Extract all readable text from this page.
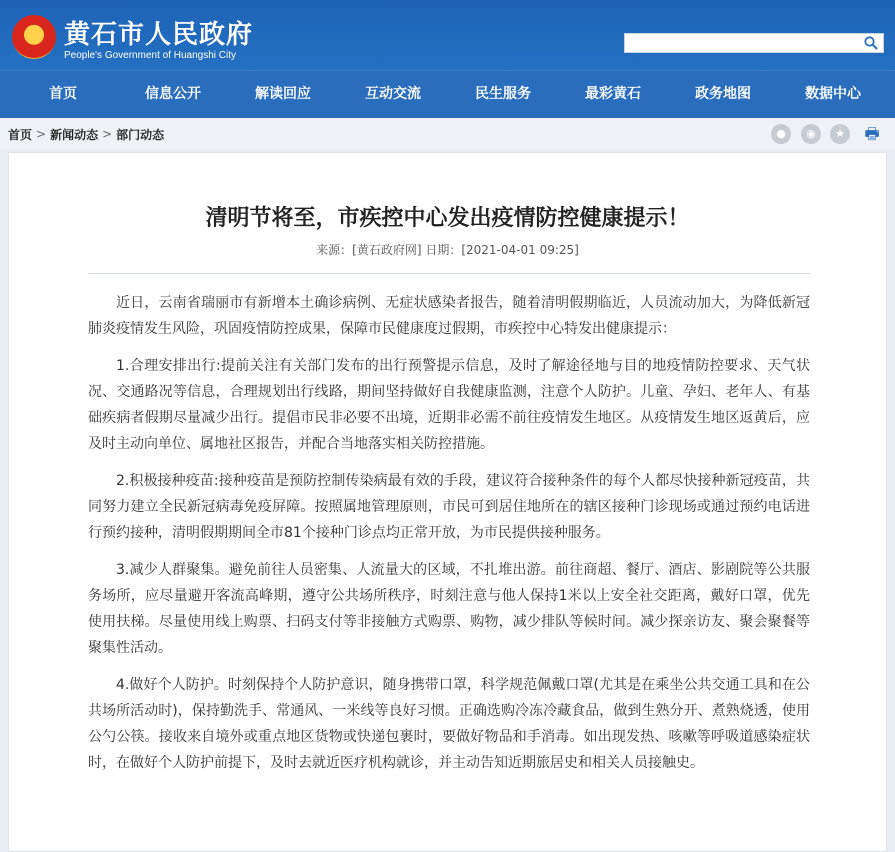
★
黄石市人民政府
People's Government of Huangshi City
首页	信息公开	解读回应	互动交流	民生服务	最彩黄石	政务地图	数据中心
首页 > 新闻动态 > 部门动态	●	◉	★	🖶
清明节将至，市疾控中心发出疫情防控健康提示！
来源：[黄石政府网] 日期：[2021-04-01 09:25]

近日，云南省瑞丽市有新增本土确诊病例、无症状感染者报告，随着清明假期临近，人员流动加大，为降低新冠肺炎疫情发生风险，巩固疫情防控成果，保障市民健康度过假期，市疾控中心特发出健康提示：

1.合理安排出行:提前关注有关部门发布的出行预警提示信息，及时了解途径地与目的地疫情防控要求、天气状况、交通路况等信息，合理规划出行线路，期间坚持做好自我健康监测，注意个人防护。儿童、孕妇、老年人、有基础疾病者假期尽量减少出行。提倡市民非必要不出境，近期非必需不前往疫情发生地区。从疫情发生地区返黄后，应及时主动向单位、属地社区报告，并配合当地落实相关防控措施。

2.积极接种疫苗:接种疫苗是预防控制传染病最有效的手段，建议符合接种条件的每个人都尽快接种新冠疫苗，共同努力建立全民新冠病毒免疫屏障。按照属地管理原则，市民可到居住地所在的辖区接种门诊现场或通过预约电话进行预约接种，清明假期期间全市81个接种门诊点均正常开放，为市民提供接种服务。

3.减少人群聚集。避免前往人员密集、人流量大的区域，不扎堆出游。前往商超、餐厅、酒店、影剧院等公共服务场所，应尽量避开客流高峰期，遵守公共场所秩序，时刻注意与他人保持1米以上安全社交距离，戴好口罩，优先使用扶梯。尽量使用线上购票、扫码支付等非接触方式购票、购物，减少排队等候时间。减少探亲访友、聚会聚餐等聚集性活动。

4.做好个人防护。时刻保持个人防护意识，随身携带口罩，科学规范佩戴口罩(尤其是在乘坐公共交通工具和在公共场所活动时)，保持勤洗手、常通风、一米线等良好习惯。正确选购冷冻冷藏食品，做到生熟分开、煮熟烧透，使用公勺公筷。接收来自境外或重点地区货物或快递包裹时，要做好物品和手消毒。如出现发热、咳嗽等呼吸道感染症状时，在做好个人防护前提下，及时去就近医疗机构就诊，并主动告知近期旅居史和相关人员接触史。
